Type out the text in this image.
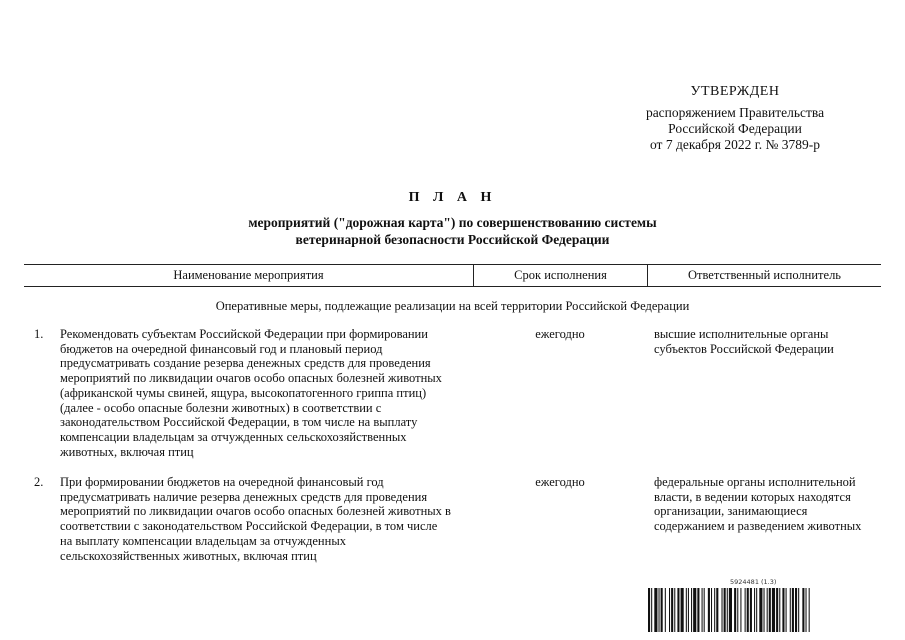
УТВЕРЖДЕН
распоряжением Правительства
Российской Федерации
от 7 декабря 2022 г. № 3789-р
П Л А Н
мероприятий ("дорожная карта") по совершенствованию системы
ветеринарной безопасности Российской Федерации
Наименование мероприятия	Срок исполнения	Ответственный исполнитель
Оперативные меры, подлежащие реализации на всей территории Российской Федерации
1. Рекомендовать субъектам Российской Федерации при формировании
бюджетов на очередной финансовый год и плановый период
предусматривать создание резерва денежных средств для проведения
мероприятий по ликвидации очагов особо опасных болезней животных
(африканской чумы свиней, ящура, высокопатогенного гриппа птиц)
(далее - особо опасные болезни животных) в соответствии с
законодательством Российской Федерации, в том числе на выплату
компенсации владельцам за отчужденных сельскохозяйственных
животных, включая птиц
ежегодно	высшие исполнительные органы
субъектов Российской Федерации
2. При формировании бюджетов на очередной финансовый год
предусматривать наличие резерва денежных средств для проведения
мероприятий по ликвидации очагов особо опасных болезней животных в
соответствии с законодательством Российской Федерации, в том числе
на выплату компенсации владельцам за отчужденных
сельскохозяйственных животных, включая птиц
ежегодно	федеральные органы исполнительной
власти, в ведении которых находятся
организации, занимающиеся
содержанием и разведением животных
5924481 (1.3)
